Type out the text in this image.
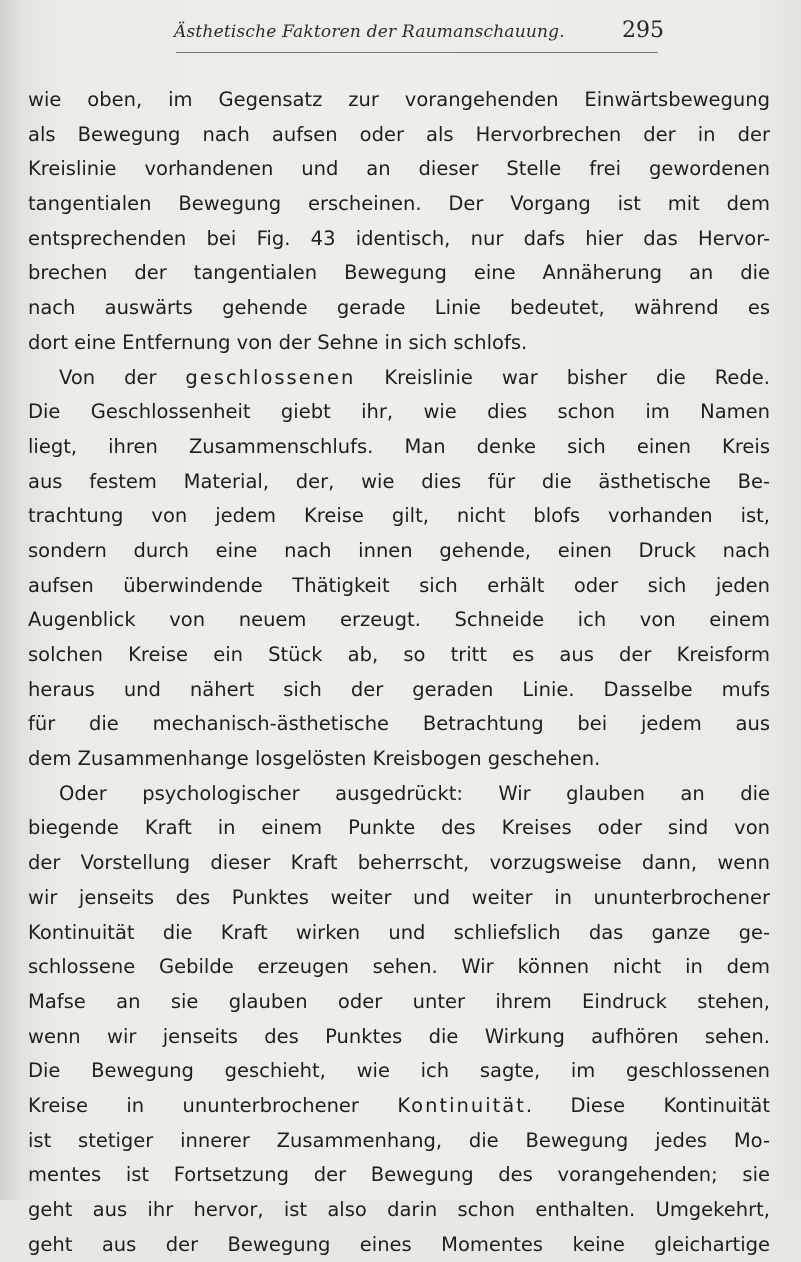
Ästhetische Faktoren der Raumanschauung.	295
wie oben, im Gegensatz zur vorangehenden Einwärtsbewegung
als Bewegung nach aufsen oder als Hervorbrechen der in der
Kreislinie vorhandenen und an dieser Stelle frei gewordenen
tangentialen Bewegung erscheinen. Der Vorgang ist mit dem
entsprechenden bei Fig. 43 identisch, nur dafs hier das Hervor-
brechen der tangentialen Bewegung eine Annäherung an die
nach auswärts gehende gerade Linie bedeutet, während es
dort eine Entfernung von der Sehne in sich schlofs.
Von der geschlossenen Kreislinie war bisher die Rede.
Die Geschlossenheit giebt ihr, wie dies schon im Namen
liegt, ihren Zusammenschlufs. Man denke sich einen Kreis
aus festem Material, der, wie dies für die ästhetische Be-
trachtung von jedem Kreise gilt, nicht blofs vorhanden ist,
sondern durch eine nach innen gehende, einen Druck nach
aufsen überwindende Thätigkeit sich erhält oder sich jeden
Augenblick von neuem erzeugt. Schneide ich von einem
solchen Kreise ein Stück ab, so tritt es aus der Kreisform
heraus und nähert sich der geraden Linie. Dasselbe mufs
für die mechanisch-ästhetische Betrachtung bei jedem aus
dem Zusammenhange losgelösten Kreisbogen geschehen.
Oder psychologischer ausgedrückt: Wir glauben an die
biegende Kraft in einem Punkte des Kreises oder sind von
der Vorstellung dieser Kraft beherrscht, vorzugsweise dann, wenn
wir jenseits des Punktes weiter und weiter in ununterbrochener
Kontinuität die Kraft wirken und schliefslich das ganze ge-
schlossene Gebilde erzeugen sehen. Wir können nicht in dem
Mafse an sie glauben oder unter ihrem Eindruck stehen,
wenn wir jenseits des Punktes die Wirkung aufhören sehen.
Die Bewegung geschieht, wie ich sagte, im geschlossenen
Kreise in ununterbrochener Kontinuität. Diese Kontinuität
ist stetiger innerer Zusammenhang, die Bewegung jedes Mo-
mentes ist Fortsetzung der Bewegung des vorangehenden; sie
geht aus ihr hervor, ist also darin schon enthalten. Umgekehrt,
geht aus der Bewegung eines Momentes keine gleichartige
